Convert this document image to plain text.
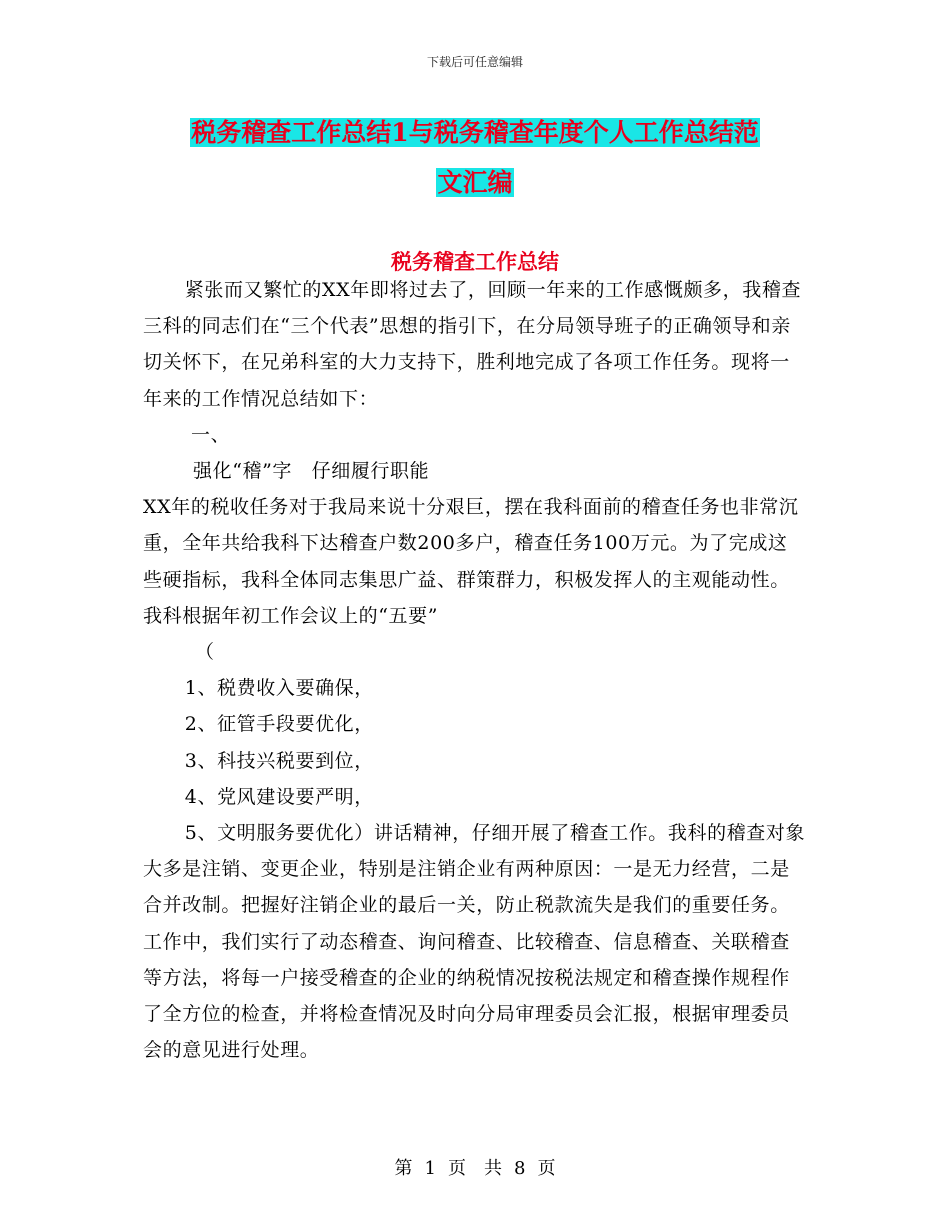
下载后可任意编辑
税务稽查工作总结1与税务稽查年度个人工作总结范
文汇编
税务稽查工作总结

紧张而又繁忙的XX年即将过去了，回顾一年来的工作感慨颇多，我稽查三科的同志们在“三个代表”思想的指引下，在分局领导班子的正确领导和亲切关怀下，在兄弟科室的大力支持下，胜利地完成了各项工作任务。现将一年来的工作情况总结如下：

一、

强化“稽”字　仔细履行职能

XX年的税收任务对于我局来说十分艰巨，摆在我科面前的稽查任务也非常沉重，全年共给我科下达稽查户数200多户，稽查任务100万元。为了完成这些硬指标，我科全体同志集思广益、群策群力，积极发挥人的主观能动性。我科根据年初工作会议上的“五要”

（

1、税费收入要确保，

2、征管手段要优化，

3、科技兴税要到位，

4、党风建设要严明，

5、文明服务要优化）讲话精神，仔细开展了稽查工作。我科的稽查对象大多是注销、变更企业，特别是注销企业有两种原因：一是无力经营，二是合并改制。把握好注销企业的最后一关，防止税款流失是我们的重要任务。工作中，我们实行了动态稽查、询问稽查、比较稽查、信息稽查、关联稽查等方法，将每一户接受稽查的企业的纳税情况按税法规定和稽查操作规程作了全方位的检查，并将检查情况及时向分局审理委员会汇报，根据审理委员会的意见进行处理。

第 1 页　共 8 页
